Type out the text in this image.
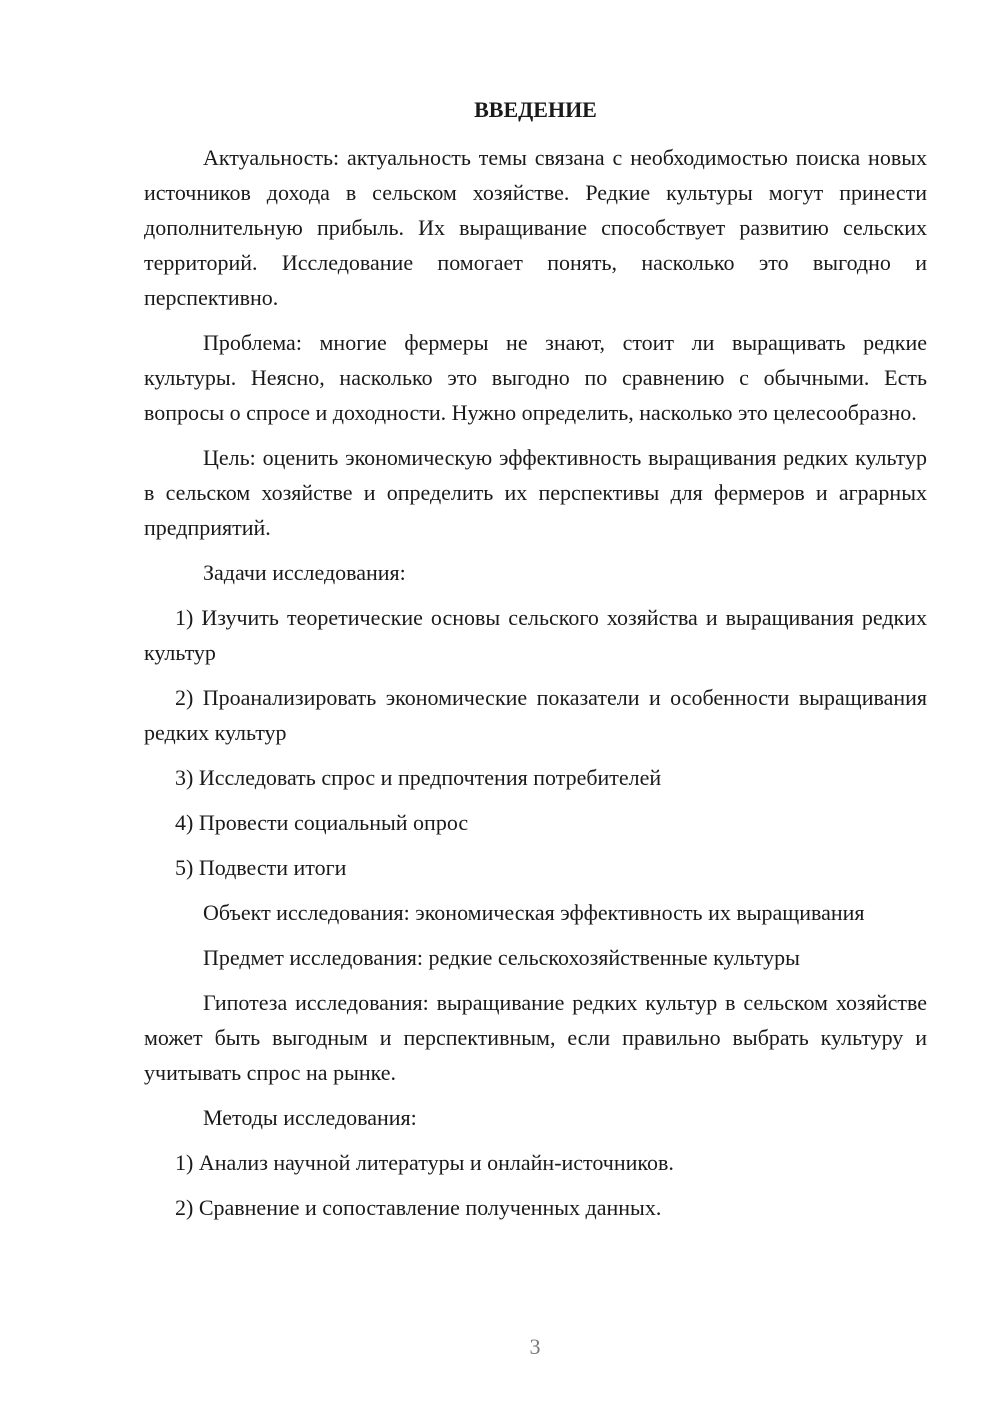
ВВЕДЕНИЕ

Актуальность: актуальность темы связана с необходимостью поиска новых источников дохода в сельском хозяйстве. Редкие культуры могут принести дополнительную прибыль. Их выращивание способствует развитию сельских территорий. Исследование помогает понять, насколько это выгодно и перспективно.

Проблема: многие фермеры не знают, стоит ли выращивать редкие культуры. Неясно, насколько это выгодно по сравнению с обычными. Есть вопросы о спросе и доходности. Нужно определить, насколько это целесообразно.

Цель: оценить экономическую эффективность выращивания редких культур в сельском хозяйстве и определить их перспективы для фермеров и аграрных предприятий.

Задачи исследования:

1) Изучить теоретические основы сельского хозяйства и выращивания редких культур

2) Проанализировать экономические показатели и особенности выращивания редких культур

3) Исследовать спрос и предпочтения потребителей

4) Провести социальный опрос

5) Подвести итоги

Объект исследования: экономическая эффективность их выращивания

Предмет исследования: редкие сельскохозяйственные культуры

Гипотеза исследования: выращивание редких культур в сельском хозяйстве может быть выгодным и перспективным, если правильно выбрать культуру и учитывать спрос на рынке.

Методы исследования:

1) Анализ научной литературы и онлайн-источников.

2) Сравнение и сопоставление полученных данных.

3
